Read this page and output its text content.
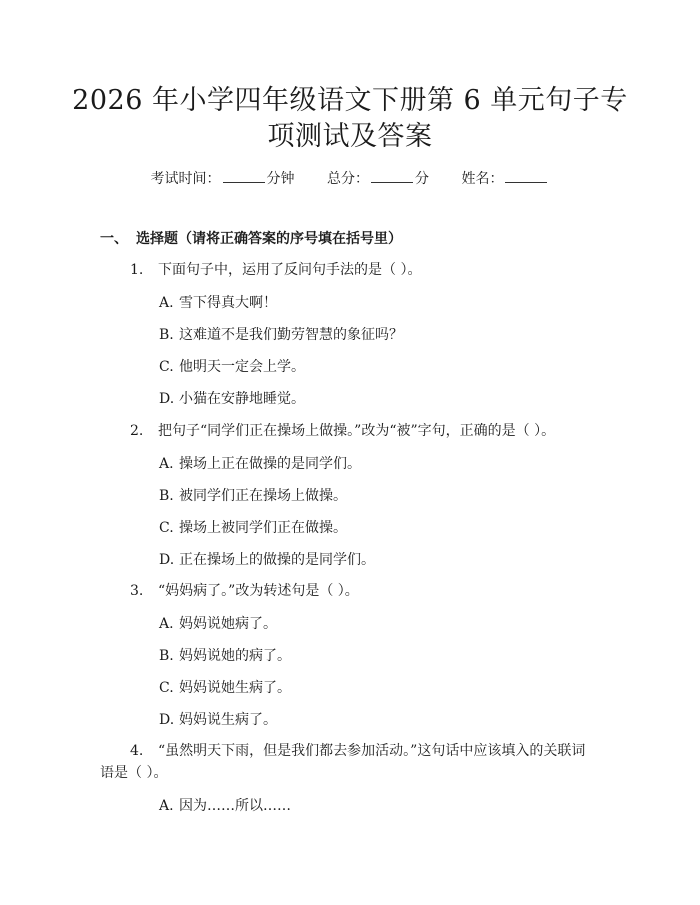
2026 年小学四年级语文下册第 6 单元句子专
项测试及答案
考试时间：	分钟 总分：	分 姓名：
一、 选择题（请将正确答案的序号填在括号里）
1. 下面句子中，运用了反问句手法的是（ ）。
A. 雪下得真大啊！
B. 这难道不是我们勤劳智慧的象征吗？
C. 他明天一定会上学。
D. 小猫在安静地睡觉。
2. 把句子“同学们正在操场上做操。”改为“被”字句，正确的是（ ）。
A. 操场上正在做操的是同学们。
B. 被同学们正在操场上做操。
C. 操场上被同学们正在做操。
D. 正在操场上的做操的是同学们。
3. “妈妈病了。”改为转述句是（ ）。
A. 妈妈说她病了。
B. 妈妈说她的病了。
C. 妈妈说她生病了。
D. 妈妈说生病了。
4. “虽然明天下雨，但是我们都去参加活动。”这句话中应该填入的关联词
语是（ ）。
A. 因为……所以……
